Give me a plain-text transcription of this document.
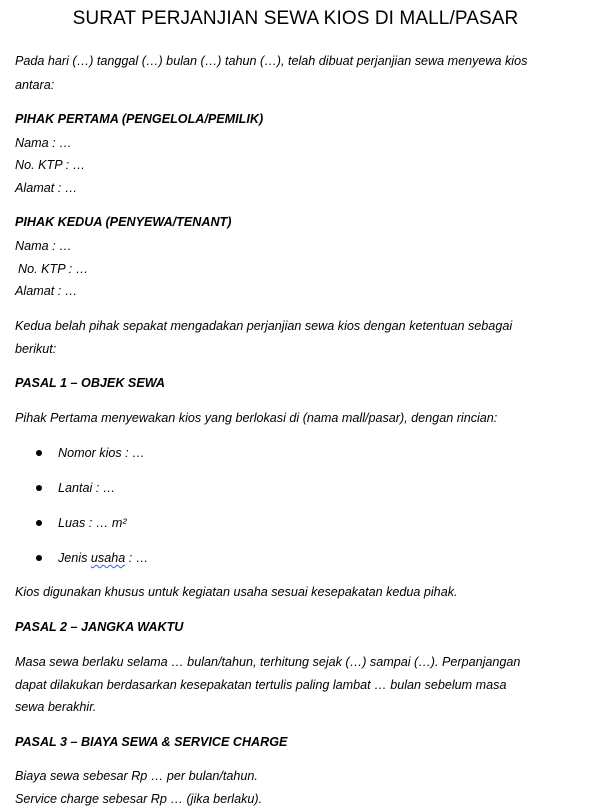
SURAT PERJANJIAN SEWA KIOS DI MALL/PASAR
Pada hari (…) tanggal (…) bulan (…) tahun (…), telah dibuat perjanjian sewa menyewa kios
antara:
PIHAK PERTAMA (PENGELOLA/PEMILIK)
Nama : …
No. KTP : …
Alamat : …
PIHAK KEDUA (PENYEWA/TENANT)
Nama : …
No. KTP : …
Alamat : …
Kedua belah pihak sepakat mengadakan perjanjian sewa kios dengan ketentuan sebagai
berikut:
PASAL 1 – OBJEK SEWA
Pihak Pertama menyewakan kios yang berlokasi di (nama mall/pasar), dengan rincian:
Nomor kios : …
Lantai : …
Luas : … m²
Jenis usaha : …
Kios digunakan khusus untuk kegiatan usaha sesuai kesepakatan kedua pihak.
PASAL 2 – JANGKA WAKTU
Masa sewa berlaku selama … bulan/tahun, terhitung sejak (…) sampai (…). Perpanjangan
dapat dilakukan berdasarkan kesepakatan tertulis paling lambat … bulan sebelum masa
sewa berakhir.
PASAL 3 – BIAYA SEWA & SERVICE CHARGE
Biaya sewa sebesar Rp … per bulan/tahun.
Service charge sebesar Rp … (jika berlaku).
